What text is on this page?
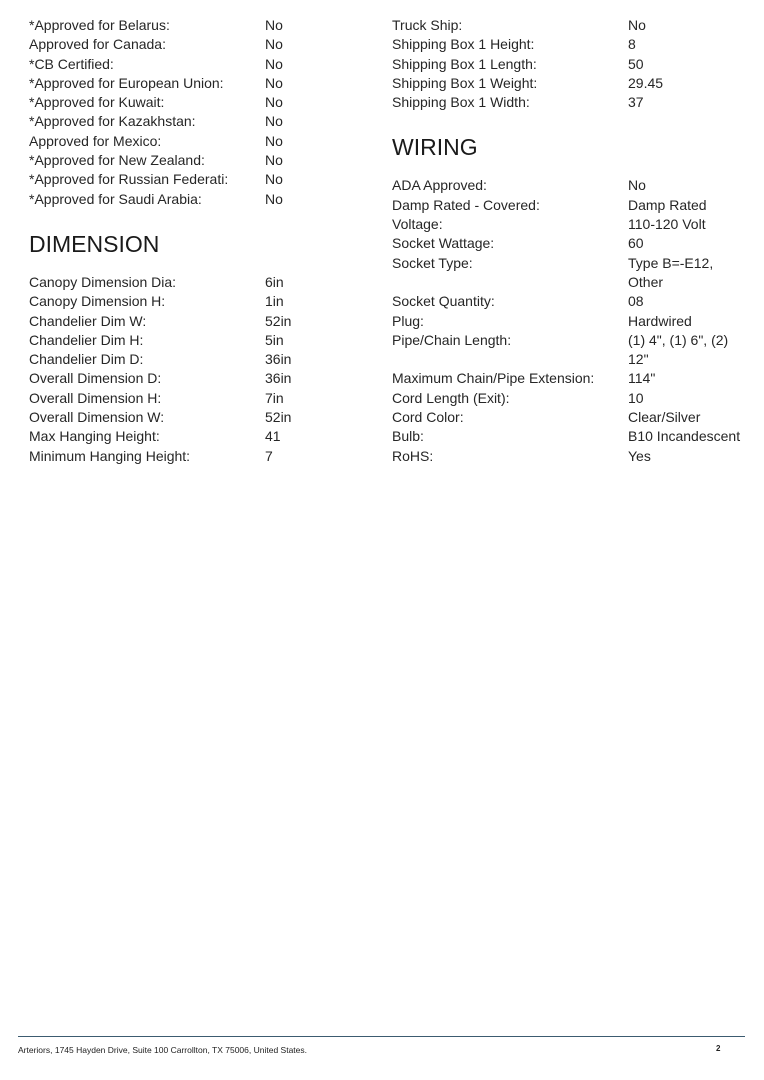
*Approved for Belarus:	No
Approved for Canada:	No
*CB Certified:	No
*Approved for European Union:	No
*Approved for Kuwait:	No
*Approved for Kazakhstan:	No
Approved for Mexico:	No
*Approved for New Zealand:	No
*Approved for Russian Federati:	No
*Approved for Saudi Arabia:	No
DIMENSION
Canopy Dimension Dia:	6in
Canopy Dimension H:	1in
Chandelier Dim W:	52in
Chandelier Dim H:	5in
Chandelier Dim D:	36in
Overall Dimension D:	36in
Overall Dimension H:	7in
Overall Dimension W:	52in
Max Hanging Height:	41
Minimum Hanging Height:	7
Truck Ship:	No
Shipping Box 1 Height:	8
Shipping Box 1 Length:	50
Shipping Box 1 Weight:	29.45
Shipping Box 1 Width:	37
WIRING
ADA Approved:	No
Damp Rated - Covered:	Damp Rated
Voltage:	110-120 Volt
Socket Wattage:	60
Socket Type:	Type B=-E12, Other
Socket Quantity:	08
Plug:	Hardwired
Pipe/Chain Length:	(1) 4", (1) 6", (2) 12"
Maximum Chain/Pipe Extension:	114"
Cord Length (Exit):	10
Cord Color:	Clear/Silver
Bulb:	B10 Incandescent
RoHS:	Yes
Arteriors, 1745 Hayden Drive, Suite 100 Carrollton, TX 75006, United States.	2
